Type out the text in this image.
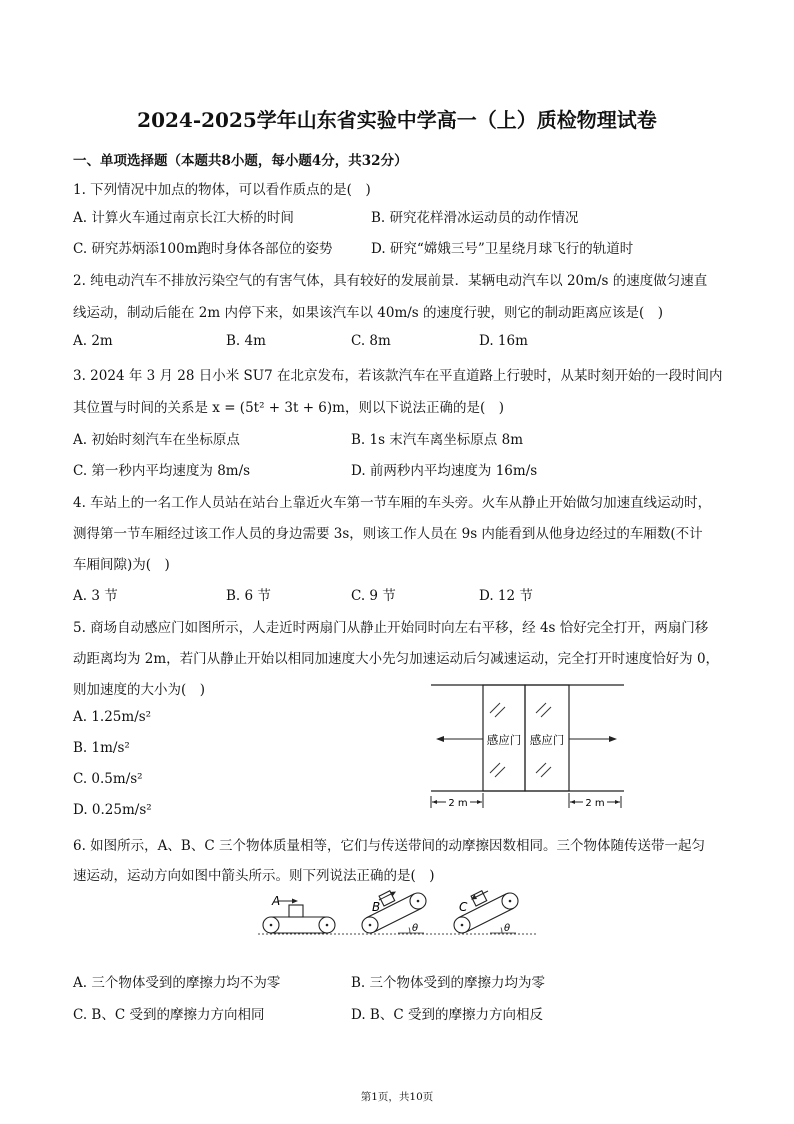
2024-2025学年山东省实验中学高一（上）质检物理试卷
一、单项选择题（本题共8小题，每小题4分，共32分）
1. 下列情况中加点的物体，可以看作质点的是(　)
A. 计算火车通过南京长江大桥的时间	B. 研究花样滑冰运动员的动作情况
C. 研究苏炳添100m跑时身体各部位的姿势	D. 研究“嫦娥三号”卫星绕月球飞行的轨道时
2. 纯电动汽车不排放污染空气的有害气体，具有较好的发展前景．某辆电动汽车以 20m/s 的速度做匀速直
线运动，制动后能在 2m 内停下来，如果该汽车以 40m/s 的速度行驶，则它的制动距离应该是(　)
A. 2m	B. 4m	C. 8m	D. 16m
3. 2024 年 3 月 28 日小米 SU7 在北京发布，若该款汽车在平直道路上行驶时，从某时刻开始的一段时间内
其位置与时间的关系是 x = (5t² + 3t + 6)m，则以下说法正确的是(　)
A. 初始时刻汽车在坐标原点	B. 1s 末汽车离坐标原点 8m
C. 第一秒内平均速度为 8m/s	D. 前两秒内平均速度为 16m/s
4. 车站上的一名工作人员站在站台上靠近火车第一节车厢的车头旁。火车从静止开始做匀加速直线运动时，
测得第一节车厢经过该工作人员的身边需要 3s，则该工作人员在 9s 内能看到从他身边经过的车厢数(不计
车厢间隙)为(　)
A. 3 节	B. 6 节	C. 9 节	D. 12 节
5. 商场自动感应门如图所示，人走近时两扇门从静止开始同时向左右平移，经 4s 恰好完全打开，两扇门移
动距离均为 2m，若门从静止开始以相同加速度大小先匀加速运动后匀减速运动，完全打开时速度恰好为 0，
则加速度的大小为(　)
A. 1.25m/s²
B. 1m/s²
C. 0.5m/s²
D. 0.25m/s²
感应门 感应门
2 m	2 m
6. 如图所示，A、B、C 三个物体质量相等，它们与传送带间的动摩擦因数相同。三个物体随传送带一起匀
速运动，运动方向如图中箭头所示。则下列说法正确的是(　)
A	B
θ
C
θ
A. 三个物体受到的摩擦力均不为零	B. 三个物体受到的摩擦力均为零
C. B、C 受到的摩擦力方向相同	D. B、C 受到的摩擦力方向相反
第1页，共10页
